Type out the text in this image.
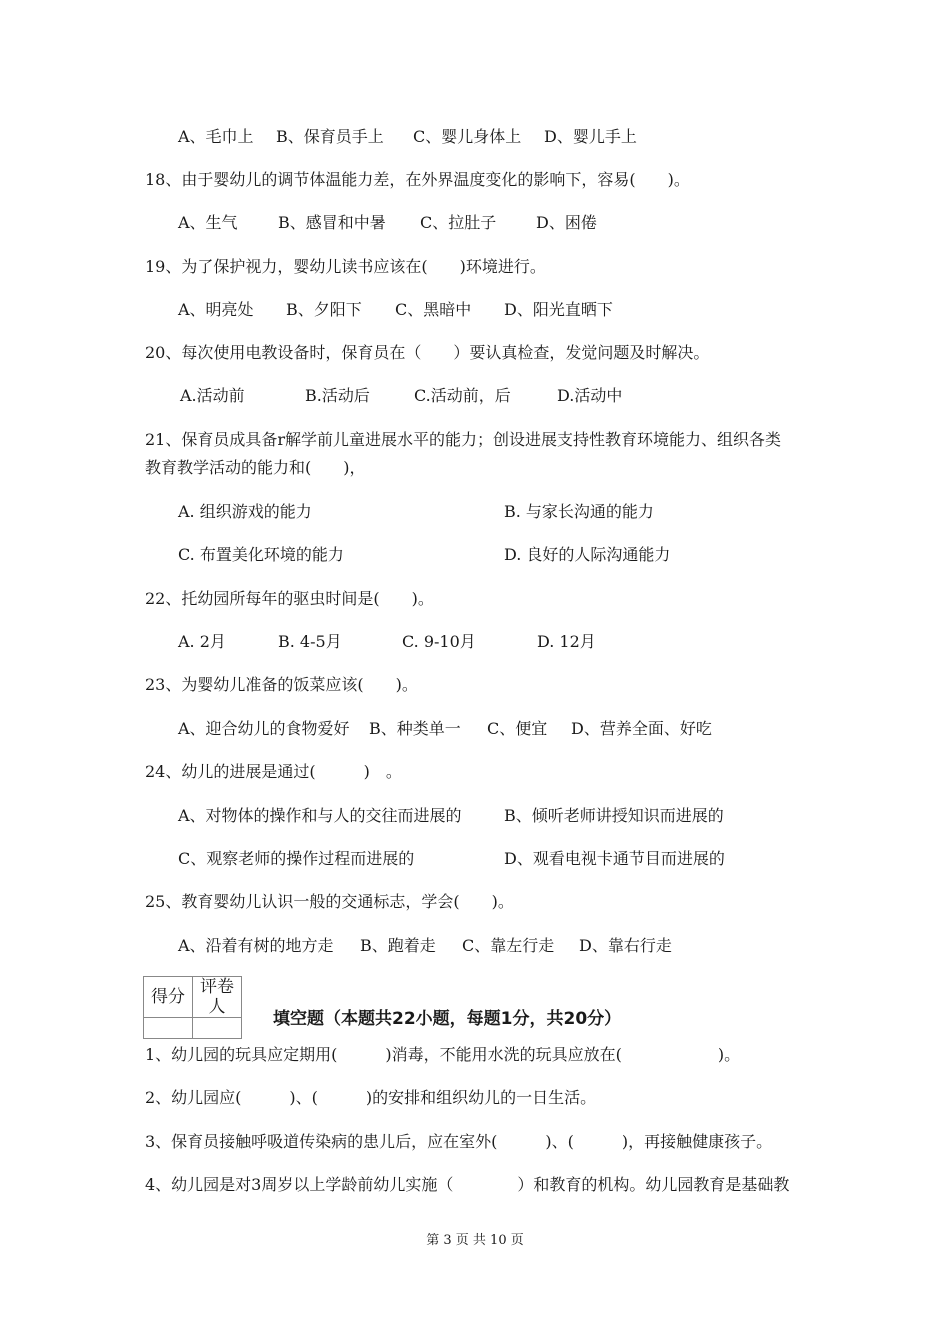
A、毛巾上 B、保育员手上 C、婴儿身体上 D、婴儿手上
18、由于婴幼儿的调节体温能力差，在外界温度变化的影响下，容易(　　)。
A、生气	B、感冒和中暑 C、拉肚子 D、困倦
19、为了保护视力，婴幼儿读书应该在(　　)环境进行。
A、明亮处 B、夕阳下 C、黑暗中 D、阳光直晒下
20、每次使用电教设备时，保育员在（　　）要认真检查，发觉问题及时解决。
A.活动前	B.活动后	C.活动前，后	D.活动中
21、保育员成具备r解学前儿童进展水平的能力；创设进展支持性教育环境能力、组织各类
教育教学活动的能力和(　　)，
A. 组织游戏的能力	B. 与家长沟通的能力
C. 布置美化环境的能力	D. 良好的人际沟通能力
22、托幼园所每年的驱虫时间是(　　)。
A. 2月	B. 4-5月	C. 9-10月	D. 12月
23、为婴幼儿准备的饭菜应该(　　)。
A、迎合幼儿的食物爱好 B、种类单一 C、便宜 D、营养全面、好吃
24、幼儿的进展是通过(　　　)　。
A、对物体的操作和与人的交往而进展的	B、倾听老师讲授知识而进展的
C、观察老师的操作过程而进展的	D、观看电视卡通节目而进展的
25、教育婴幼儿认识一般的交通标志，学会(　　)。
A、沿着有树的地方走 B、跑着走 C、靠左行走 D、靠右行走
得分	评卷人

填空题（本题共22小题，每题1分，共20分）
1、幼儿园的玩具应定期用(　　　)消毒，不能用水洗的玩具应放在(　　　　　　)。
2、幼儿园应(　　　)、(　　　)的安排和组织幼儿的一日生活。
3、保育员接触呼吸道传染病的患儿后，应在室外(　　　)、(　　　)，再接触健康孩子。
4、幼儿园是对3周岁以上学龄前幼儿实施（　　　　）和教育的机构。幼儿园教育是基础教
第 3 页 共 10 页
